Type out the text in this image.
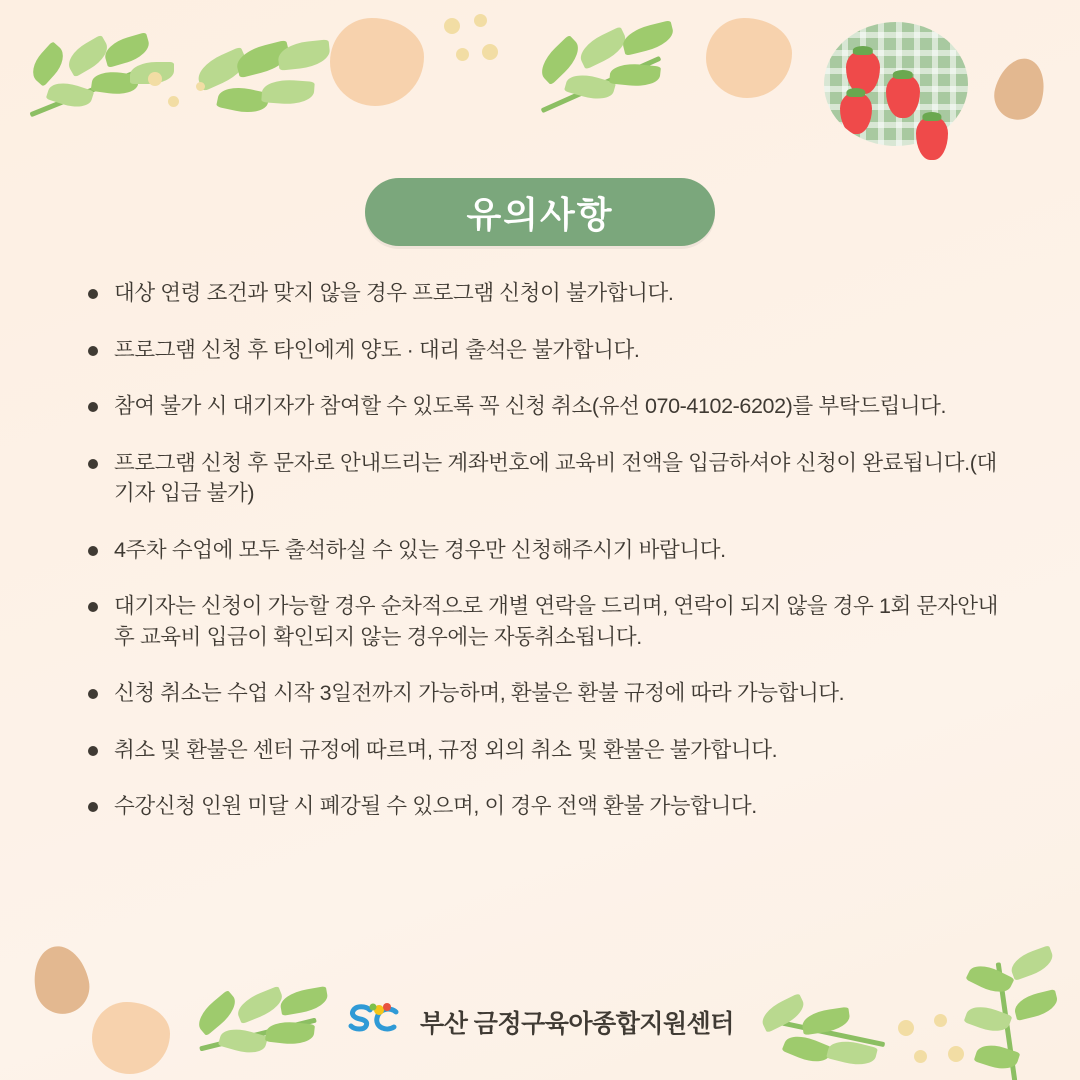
유의사항
대상 연령 조건과 맞지 않을 경우 프로그램 신청이 불가합니다.
프로그램 신청 후 타인에게 양도 · 대리 출석은 불가합니다.
참여 불가 시 대기자가 참여할 수 있도록 꼭 신청 취소(유선 070-4102-6202)를 부탁드립니다.
프로그램 신청 후 문자로 안내드리는 계좌번호에 교육비 전액을 입금하셔야 신청이 완료됩니다.(대기자 입금 불가)
4주차 수업에 모두 출석하실 수 있는 경우만 신청해주시기 바랍니다.
대기자는 신청이 가능할 경우 순차적으로 개별 연락을 드리며, 연락이 되지 않을 경우 1회 문자안내 후 교육비 입금이 확인되지 않는 경우에는 자동취소됩니다.
신청 취소는 수업 시작 3일전까지 가능하며, 환불은 환불 규정에 따라 가능합니다.
취소 및 환불은 센터 규정에 따르며, 규정 외의 취소 및 환불은 불가합니다.
수강신청 인원 미달 시 폐강될 수 있으며, 이 경우 전액 환불 가능합니다.
부산 금정구육아종합지원센터
